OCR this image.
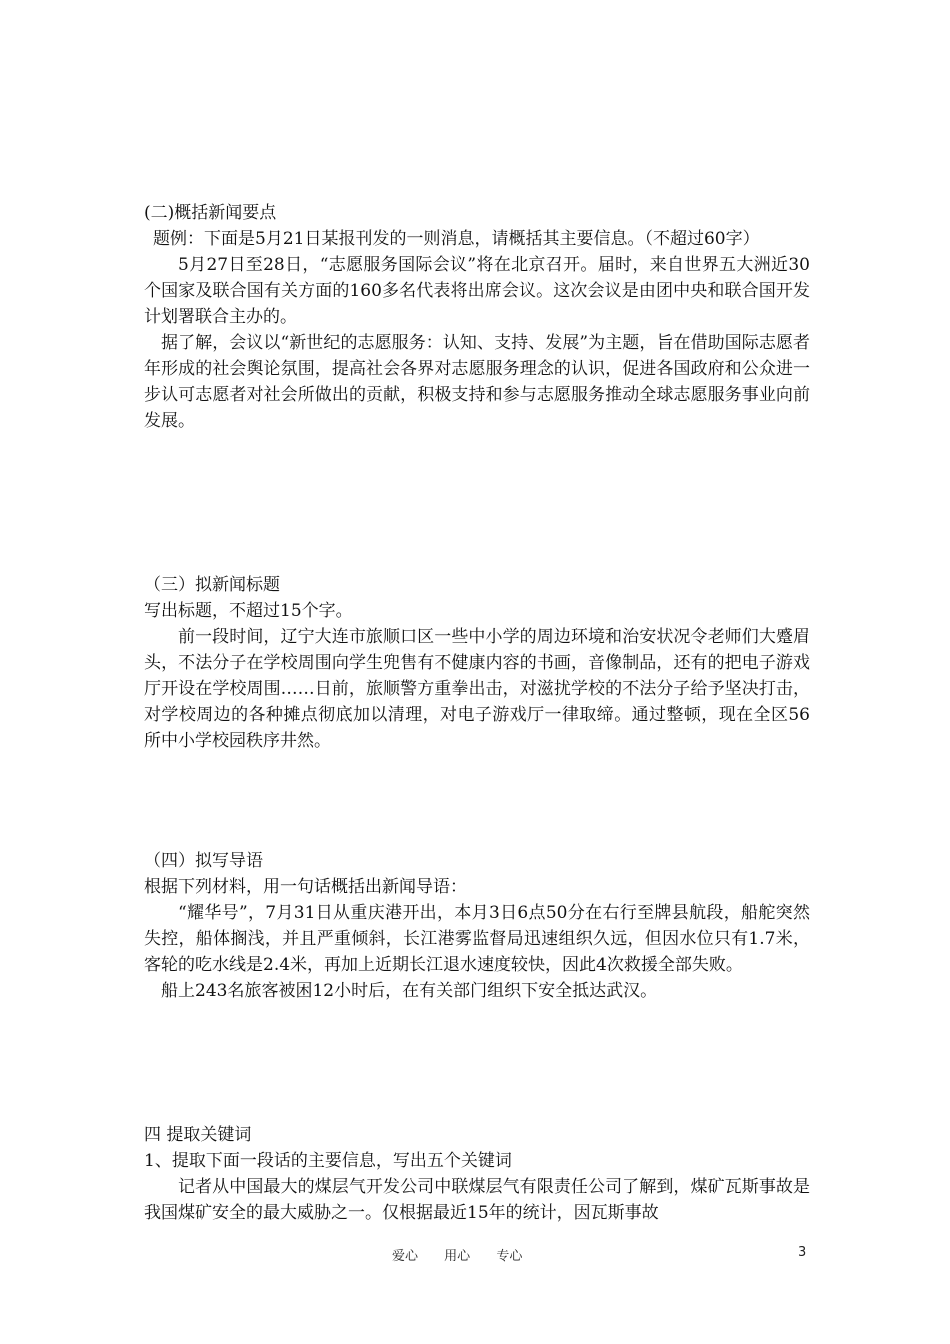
(二)概括新闻要点
题例：下面是5月21日某报刊发的一则消息，请概括其主要信息。（不超过60字）
5月27日至28日，“志愿服务国际会议”将在北京召开。届时，来自世界五大洲近30个国家及联合国有关方面的160多名代表将出席会议。这次会议是由团中央和联合国开发计划署联合主办的。
据了解，会议以“新世纪的志愿服务：认知、支持、发展”为主题，旨在借助国际志愿者年形成的社会舆论氛围，提高社会各界对志愿服务理念的认识，促进各国政府和公众进一步认可志愿者对社会所做出的贡献，积极支持和参与志愿服务推动全球志愿服务事业向前发展。
（三）拟新闻标题
写出标题，不超过15个字。
前一段时间，辽宁大连市旅顺口区一些中小学的周边环境和治安状况令老师们大蹙眉头，不法分子在学校周围向学生兜售有不健康内容的书画，音像制品，还有的把电子游戏厅开设在学校周围……日前，旅顺警方重拳出击，对滋扰学校的不法分子给予坚决打击，对学校周边的各种摊点彻底加以清理，对电子游戏厅一律取缔。通过整顿，现在全区56所中小学校园秩序井然。
（四）拟写导语
根据下列材料，用一句话概括出新闻导语：
“耀华号”，7月31日从重庆港开出，本月3日6点50分在右行至牌县航段，船舵突然失控，船体搁浅，并且严重倾斜，长江港雾监督局迅速组织久远，但因水位只有1.7米，客轮的吃水线是2.4米，再加上近期长江退水速度较快，因此4次救援全部失败。
船上243名旅客被困12小时后，在有关部门组织下安全抵达武汉。
四 提取关键词
1、提取下面一段话的主要信息，写出五个关键词
记者从中国最大的煤层气开发公司中联煤层气有限责任公司了解到，煤矿瓦斯事故是我国煤矿安全的最大威胁之一。仅根据最近15年的统计，因瓦斯事故
爱心 用心 专心	3
